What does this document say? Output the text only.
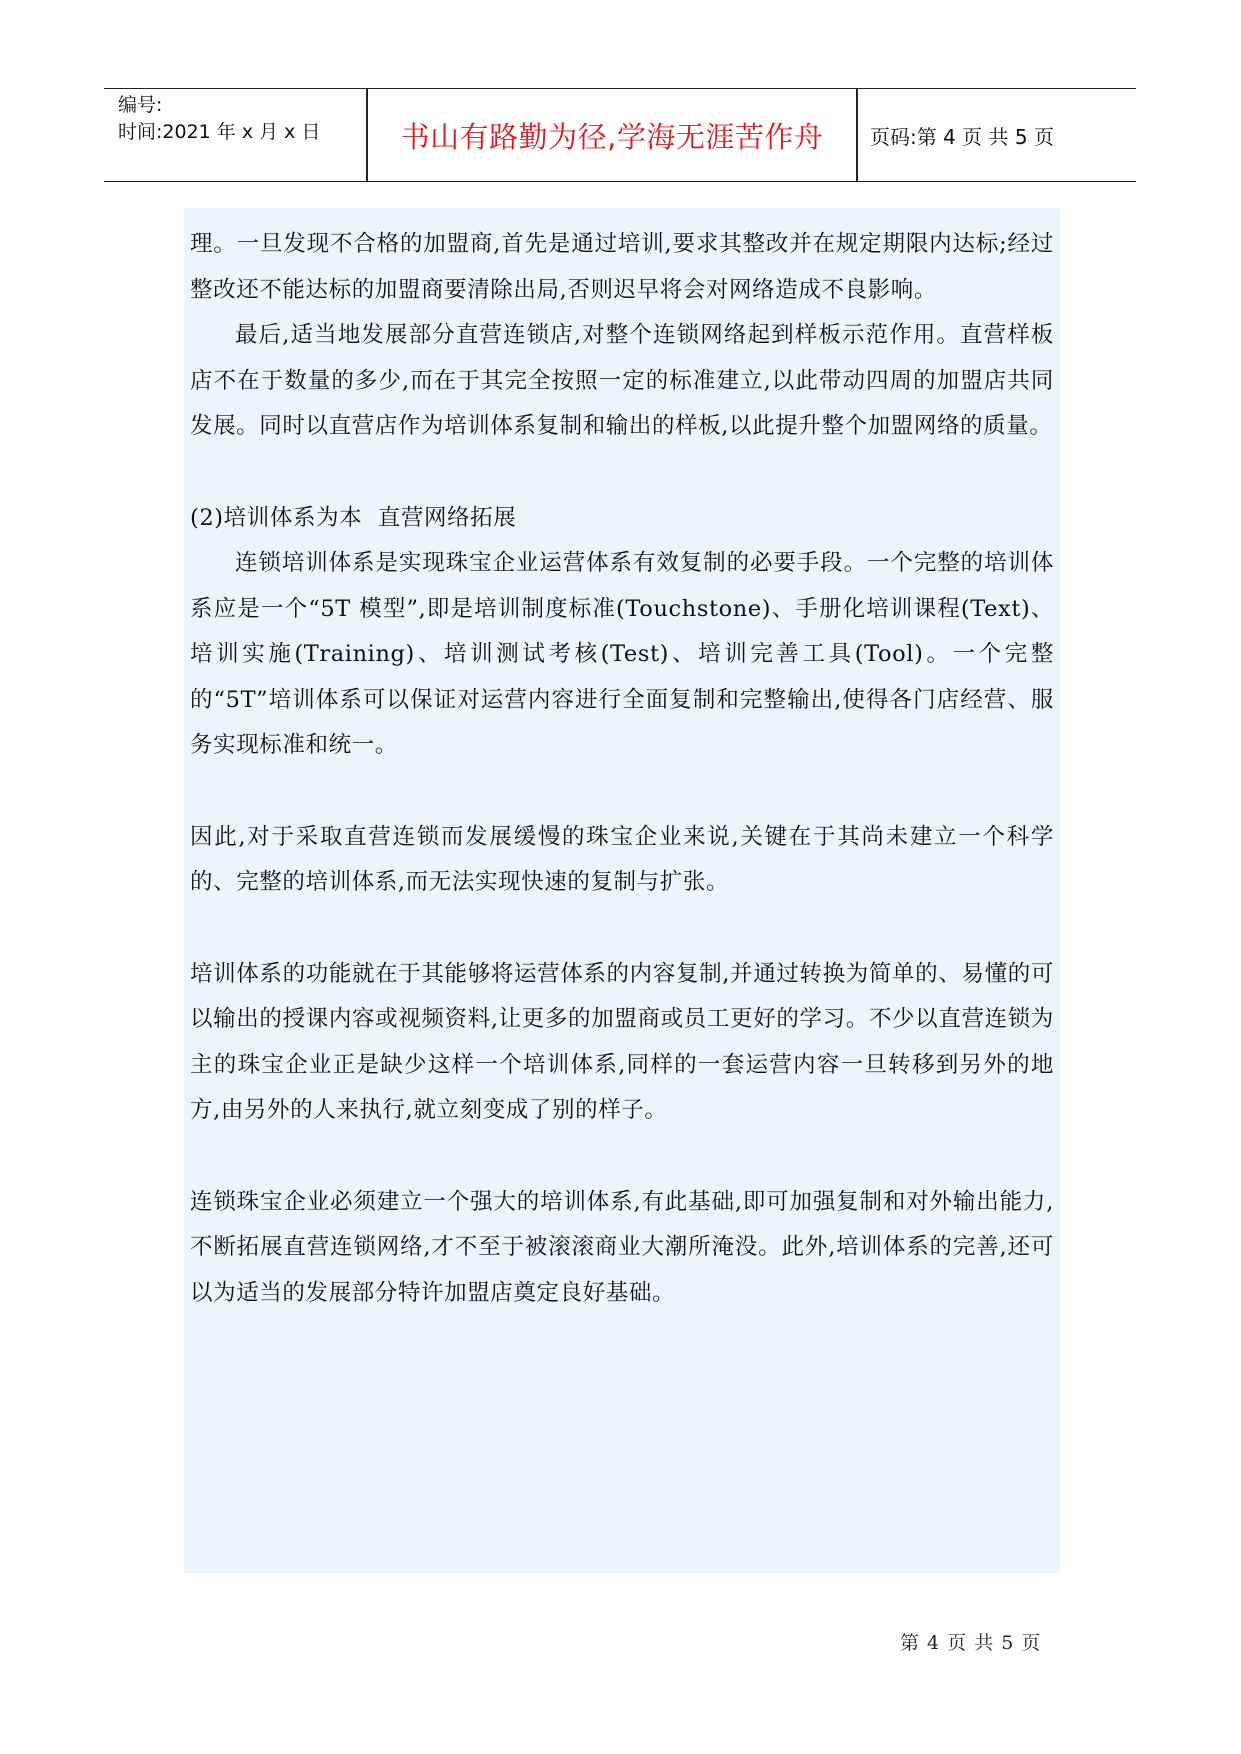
编号:
时间:2021 年 x 月 x 日	书山有路勤为径,学海无涯苦作舟	页码:第 4 页 共 5 页

理。一旦发现不合格的加盟商,首先是通过培训,要求其整改并在规定期限内达标;经过整改还不能达标的加盟商要清除出局,否则迟早将会对网络造成不良影响。

最后,适当地发展部分直营连锁店,对整个连锁网络起到样板示范作用。直营样板店不在于数量的多少,而在于其完全按照一定的标准建立,以此带动四周的加盟店共同发展。同时以直营店作为培训体系复制和输出的样板,以此提升整个加盟网络的质量。

(2)培训体系为本  直营网络拓展

连锁培训体系是实现珠宝企业运营体系有效复制的必要手段。一个完整的培训体系应是一个“5T 模型”,即是培训制度标准(Touchstone)、手册化培训课程(Text)、培训实施(Training)、培训测试考核(Test)、培训完善工具(Tool)。一个完整的“5T”培训体系可以保证对运营内容进行全面复制和完整输出,使得各门店经营、服务实现标准和统一。

因此,对于采取直营连锁而发展缓慢的珠宝企业来说,关键在于其尚未建立一个科学的、完整的培训体系,而无法实现快速的复制与扩张。

培训体系的功能就在于其能够将运营体系的内容复制,并通过转换为简单的、易懂的可以输出的授课内容或视频资料,让更多的加盟商或员工更好的学习。不少以直营连锁为主的珠宝企业正是缺少这样一个培训体系,同样的一套运营内容一旦转移到另外的地方,由另外的人来执行,就立刻变成了别的样子。

连锁珠宝企业必须建立一个强大的培训体系,有此基础,即可加强复制和对外输出能力,不断拓展直营连锁网络,才不至于被滚滚商业大潮所淹没。此外,培训体系的完善,还可以为适当的发展部分特许加盟店奠定良好基础。

第 4 页 共 5 页
